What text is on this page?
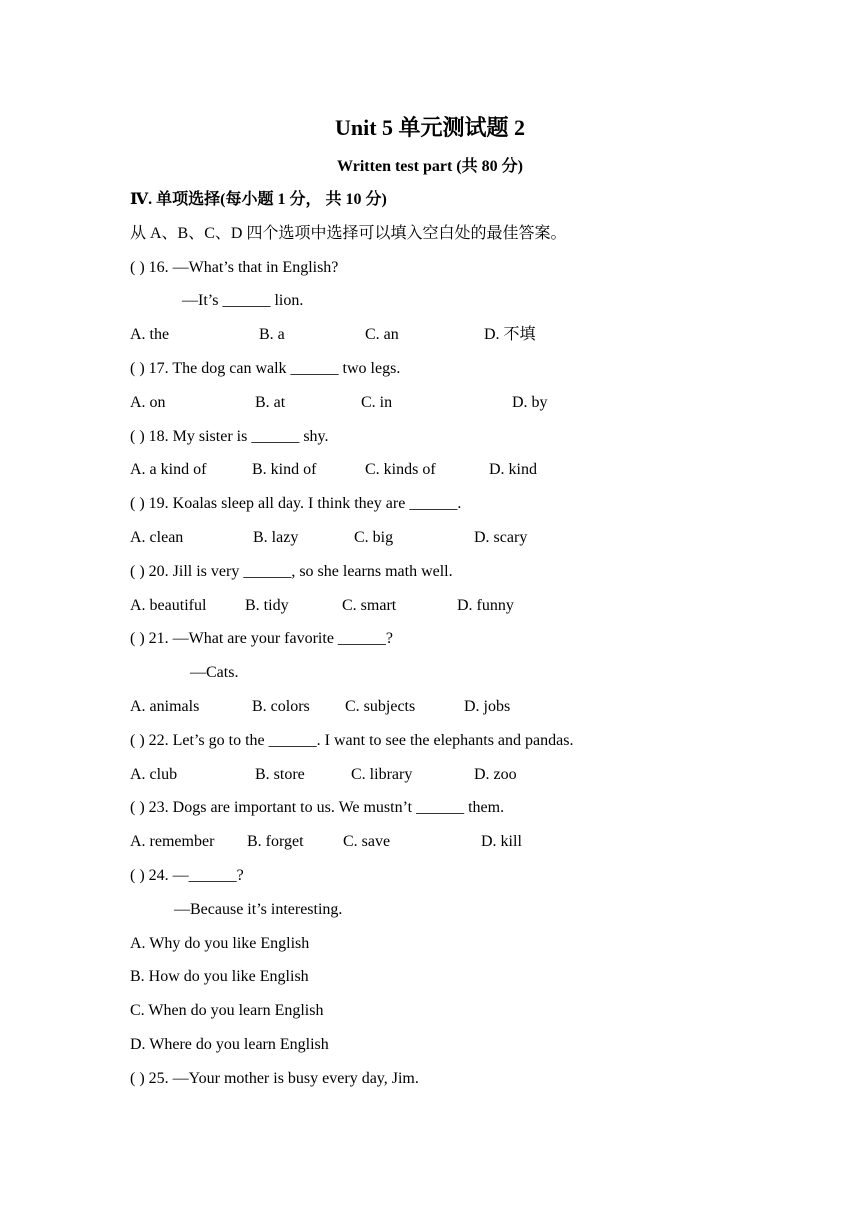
Unit 5 单元测试题 2
Written test part (共 80 分)
Ⅳ. 单项选择(每小题 1 分， 共 10 分)
从 A、B、C、D 四个选项中选择可以填入空白处的最佳答案。
( ) 16. —What’s that in English?
—It’s ______ lion.
A. the	B. a	C. an	D. 不填
( ) 17. The dog can walk ______ two legs.
A. on	B. at	C. in	D. by
( ) 18. My sister is ______ shy.
A. a kind of	B. kind of	C. kinds of	D. kind
( ) 19. Koalas sleep all day. I think they are ______.
A. clean	B. lazy	C. big	D. scary
( ) 20. Jill is very ______, so she learns math well.
A. beautiful B. tidy	C. smart	D. funny
( ) 21. —What are your favorite ______?
—Cats.
A. animals	B. colors C. subjects	D. jobs
( ) 22. Let’s go to the ______. I want to see the elephants and pandas.
A. club	B. store	C. library	D. zoo
( ) 23. Dogs are important to us. We mustn’t ______ them.
A. remember B. forget C. save	D. kill
( ) 24. —______?
—Because it’s interesting.
A. Why do you like English
B. How do you like English
C. When do you learn English
D. Where do you learn English
( ) 25. —Your mother is busy every day, Jim.
